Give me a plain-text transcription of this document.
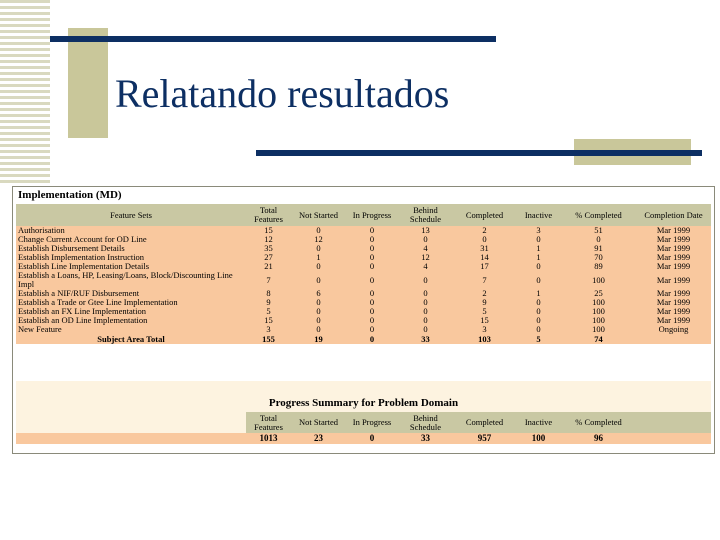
Relatando resultados
Implementation (MD)
Feature Sets	Total Features	Not Started	In Progress	Behind Schedule	Completed	Inactive	% Completed	Completion Date
Authorisation	15	0	0	13	2	3	51	Mar 1999
Change Current Account for OD Line	12	12	0	0	0	0	0	Mar 1999
Establish Disbursement Details	35	0	0	4	31	1	91	Mar 1999
Establish Implementation Instruction	27	1	0	12	14	1	70	Mar 1999
Establish Line Implementation Details	21	0	0	4	17	0	89	Mar 1999
Establish a Loans, HP, Leasing/Loans, Block/Discounting Line Impl	7	0	0	0	7	0	100	Mar 1999
Establish a NIF/RUF Disbursement	8	6	0	0	2	1	25	Mar 1999
Establish a Trade or Gtee Line Implementation	9	0	0	0	9	0	100	Mar 1999
Establish an FX Line Implementation	5	0	0	0	5	0	100	Mar 1999
Establish an OD Line Implementation	15	0	0	0	15	0	100	Mar 1999
New Feature	3	0	0	0	3	0	100	Ongoing
Subject Area Total	155	19	0	33	103	5	74	
Progress Summary for Problem Domain
	Total Features	Not Started	In Progress	Behind Schedule	Completed	Inactive	% Completed	
	1013	23	0	33	957	100	96	
